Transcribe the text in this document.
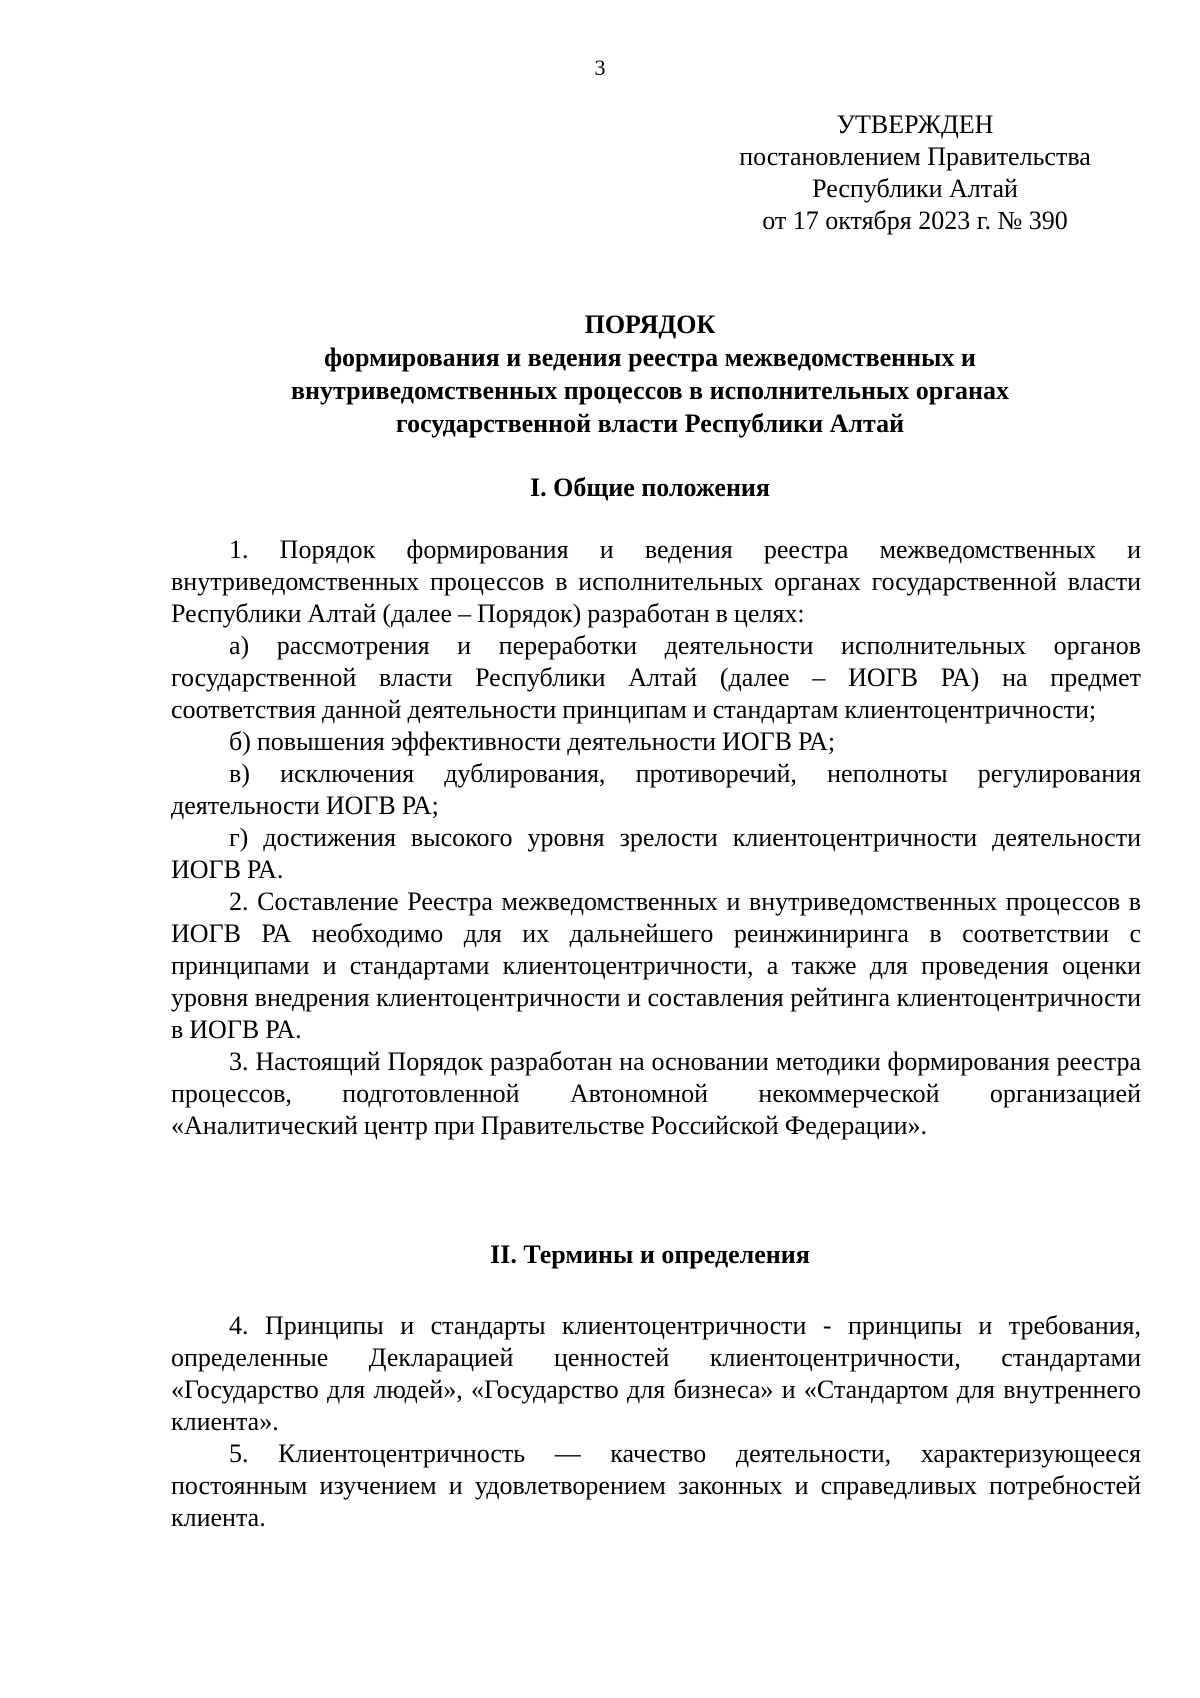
3
УТВЕРЖДЕН
постановлением Правительства
Республики Алтай
от 17 октября 2023 г. № 390
ПОРЯДОК
формирования и ведения реестра межведомственных и
внутриведомственных процессов в исполнительных органах
государственной власти Республики Алтай
I. Общие положения

1. Порядок формирования и ведения реестра межведомственных и внутриведомственных процессов в исполнительных органах государственной власти Республики Алтай (далее – Порядок) разработан в целях:

а) рассмотрения и переработки деятельности исполнительных органов государственной власти Республики Алтай (далее – ИОГВ РА) на предмет соответствия данной деятельности принципам и стандартам клиентоцентричности;

б) повышения эффективности деятельности ИОГВ РА;

в) исключения дублирования, противоречий, неполноты регулирования деятельности ИОГВ РА;

г) достижения высокого уровня зрелости клиентоцентричности деятельности ИОГВ РА.

2. Составление Реестра межведомственных и внутриведомственных процессов в ИОГВ РА необходимо для их дальнейшего реинжиниринга в соответствии с принципами и стандартами клиентоцентричности, а также для проведения оценки уровня внедрения клиентоцентричности и составления рейтинга клиентоцентричности в ИОГВ РА.

3. Настоящий Порядок разработан на основании методики формирования реестра процессов, подготовленной Автономной некоммерческой организацией «Аналитический центр при Правительстве Российской Федерации».

II. Термины и определения

4. Принципы и стандарты клиентоцентричности - принципы и требования, определенные Декларацией ценностей клиентоцентричности, стандартами «Государство для людей», «Государство для бизнеса» и «Стандартом для внутреннего клиента».

5. Клиентоцентричность — качество деятельности, характеризующееся постоянным изучением и удовлетворением законных и справедливых потребностей клиента.
